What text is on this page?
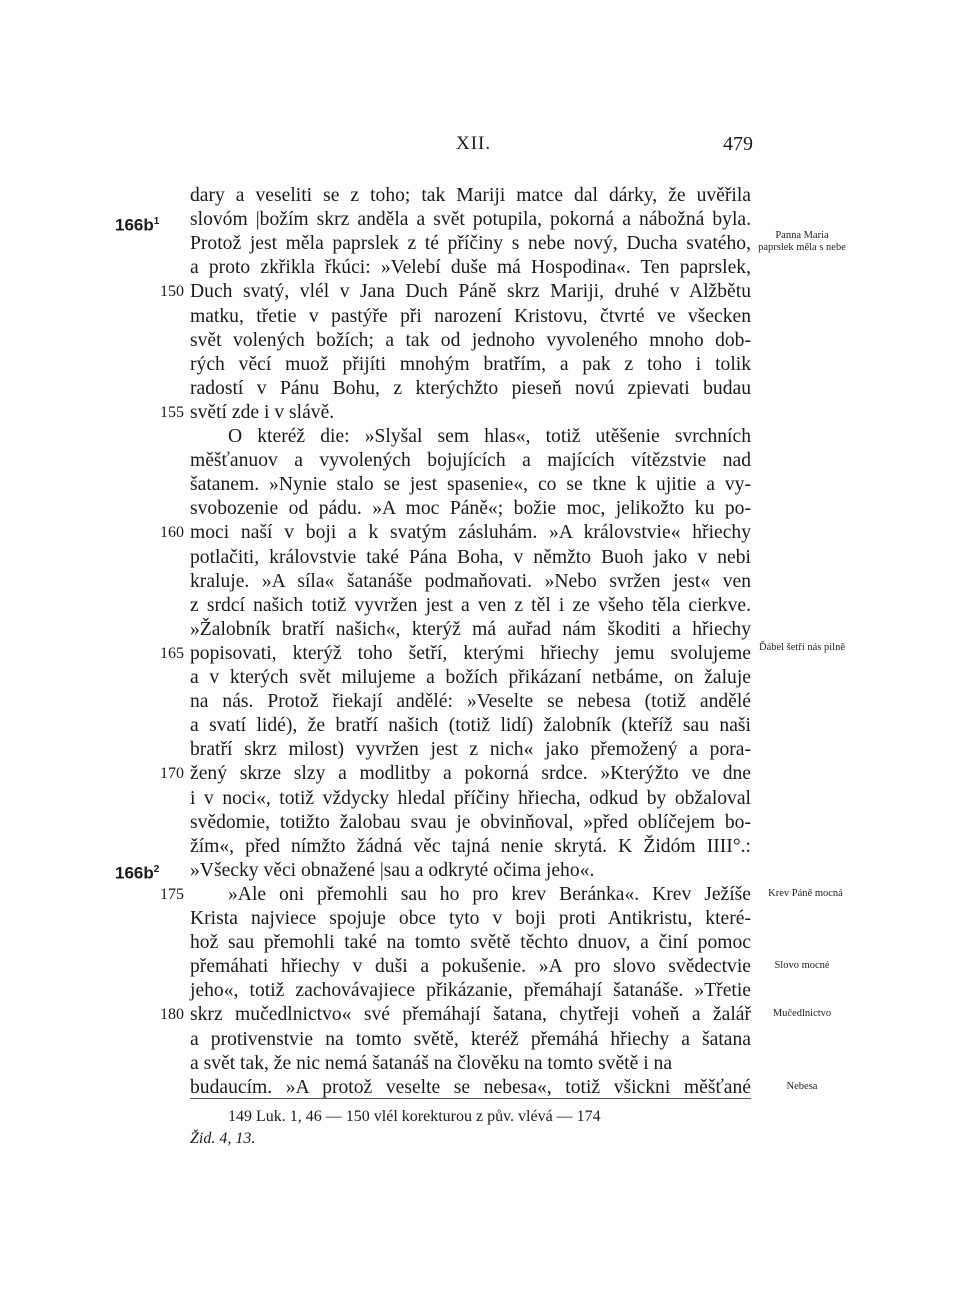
XII.	479
dary a veseliti se z toho; tak Mariji matce dal dárky, že uvěřila
slovóm |božím skrz anděla a svět potupila, pokorná a nábožná byla.
Protož jest měla paprslek z té příčiny s nebe nový, Ducha svatého,
a proto zkřikla řkúci: »Velebí duše má Hospodina«. Ten paprslek,
Duch svatý, vlél v Jana Duch Páně skrz Mariji, druhé v Alžbětu
150
matku, třetie v pastýře při narození Kristovu, čtvrté ve všecken
svět volených božích; a tak od jednoho vyvoleného mnoho dob-
rých věcí muož přijíti mnohým bratřím, a pak z toho i tolik
radostí v Pánu Bohu, z kterýchžto pieseň novú zpievati budau
světí zde i v slávě.
155
O kteréž die: »Slyšal sem hlas«, totiž utěšenie svrchních
měšťanuov a vyvolených bojujících a majících vítězstvie nad
šatanem. »Nynie stalo se jest spasenie«, co se tkne k ujitie a vy-
svobozenie od pádu. »A moc Páně«; božie moc, jelikožto ku po-
moci naší v boji a k svatým zásluhám. »A královstvie« hřiechy
160
potlačiti, královstvie také Pána Boha, v němžto Buoh jako v nebi
kraluje. »A síla« šatanáše podmaňovati. »Nebo svržen jest« ven
z srdcí našich totiž vyvržen jest a ven z těl i ze všeho těla cierkve.
»Žalobník bratří našich«, kterýž má auřad nám škoditi a hřiechy
popisovati, kterýž toho šetří, kterými hřiechy jemu svolujeme
165
a v kterých svět milujeme a božích přikázaní netbáme, on žaluje
na nás. Protož řiekají andělé: »Veselte se nebesa (totiž andělé
a svatí lidé), že bratří našich (totiž lidí) žalobník (kteříž sau naši
bratří skrz milost) vyvržen jest z nich« jako přemožený a pora-
žený skrze slzy a modlitby a pokorná srdce. »Kterýžto ve dne
170
i v noci«, totiž vždycky hledal příčiny hřiecha, odkud by obžaloval
svědomie, totižto žalobau svau je obvinňoval, »před oblíčejem bo-
žím«, před nímžto žádná věc tajná nenie skrytá. K Židóm IIII°.:
»Všecky věci obnažené |sau a odkryté očima jeho«.
»Ale oni přemohli sau ho pro krev Beránka«. Krev Ježíše
175
Krista najviece spojuje obce tyto v boji proti Antikristu, které-
hož sau přemohli také na tomto světě těchto dnuov, a činí pomoc
přemáhati hřiechy v duši a pokušenie. »A pro slovo svědectvie
jeho«, totiž zachovávajiece přikázanie, přemáhají šatanáše. »Třetie
skrz mučedlnictvo« své přemáhají šatana, chytřeji voheň a žalář
180
a protivenstvie na tomto světě, kteréž přemáhá hřiechy a šatana
a svět tak, že nic nemá šatanáš na člověku na tomto světě i na
budaucím. »A protož veselte se nebesa«, totiž všickni měšťané
$166b^1$
$166b^2$
Panna Maria paprslek měla s nebe
Ďábel šetří nás pilně
Krev Páně mocná
Slovo mocné
Mučedlnictvo
Nebesa
149 Luk. 1, 46 — 150 vlél korekturou z pův. vlévá — 174
Žid. 4, 13.
